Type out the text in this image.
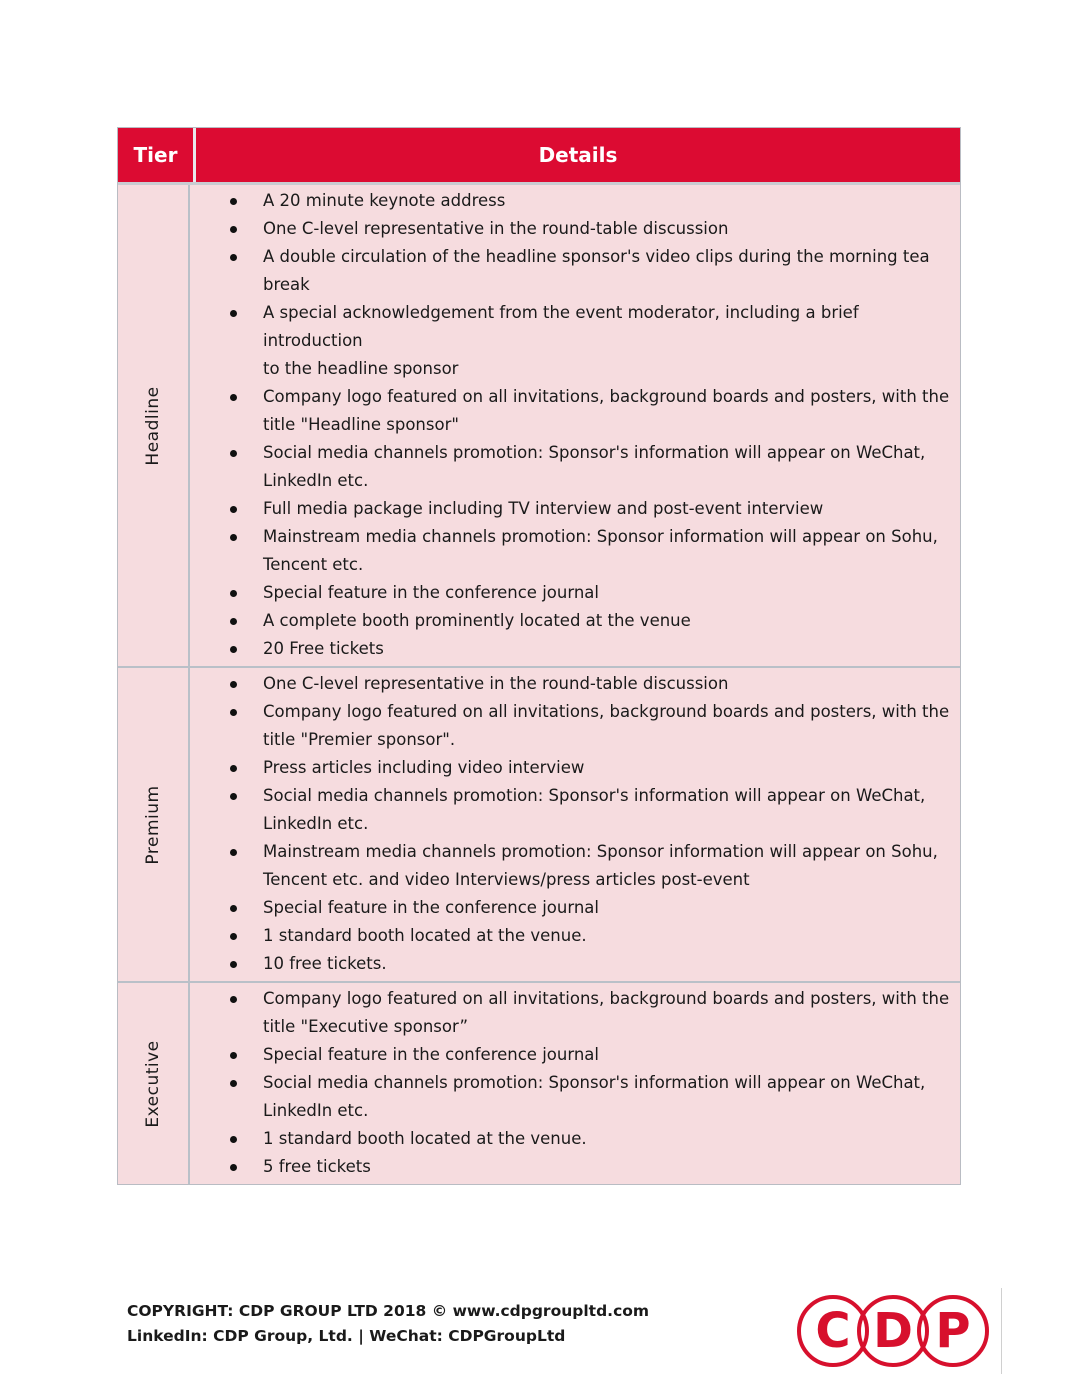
Tier	Details
Headline
A 20 minute keynote address
One C-level representative in the round-table discussion
A double circulation of the headline sponsor's video clips during the morning tea break
A special acknowledgement from the event moderator, including a brief introduction
to the headline sponsor
Company logo featured on all invitations, background boards and posters, with the
title "Headline sponsor"
Social media channels promotion: Sponsor's information will appear on WeChat,
LinkedIn etc.
Full media package including TV interview and post-event interview
Mainstream media channels promotion: Sponsor information will appear on Sohu,
Tencent etc.
Special feature in the conference journal
A complete booth prominently located at the venue
20 Free tickets
Premium
One C-level representative in the round-table discussion
Company logo featured on all invitations, background boards and posters, with the
title "Premier sponsor".
Press articles including video interview
Social media channels promotion: Sponsor's information will appear on WeChat,
LinkedIn etc.
Mainstream media channels promotion: Sponsor information will appear on Sohu,
Tencent etc. and video Interviews/press articles post-event
Special feature in the conference journal
1 standard booth located at the venue.
10 free tickets.
Executive
Company logo featured on all invitations, background boards and posters, with the
title "Executive sponsor”
Special feature in the conference journal
Social media channels promotion: Sponsor's information will appear on WeChat,
LinkedIn etc.
1 standard booth located at the venue.
5 free tickets
COPYRIGHT: CDP GROUP LTD 2018 © www.cdpgroupltd.com
LinkedIn: CDP Group, Ltd. | WeChat: CDPGroupLtd	C D P
